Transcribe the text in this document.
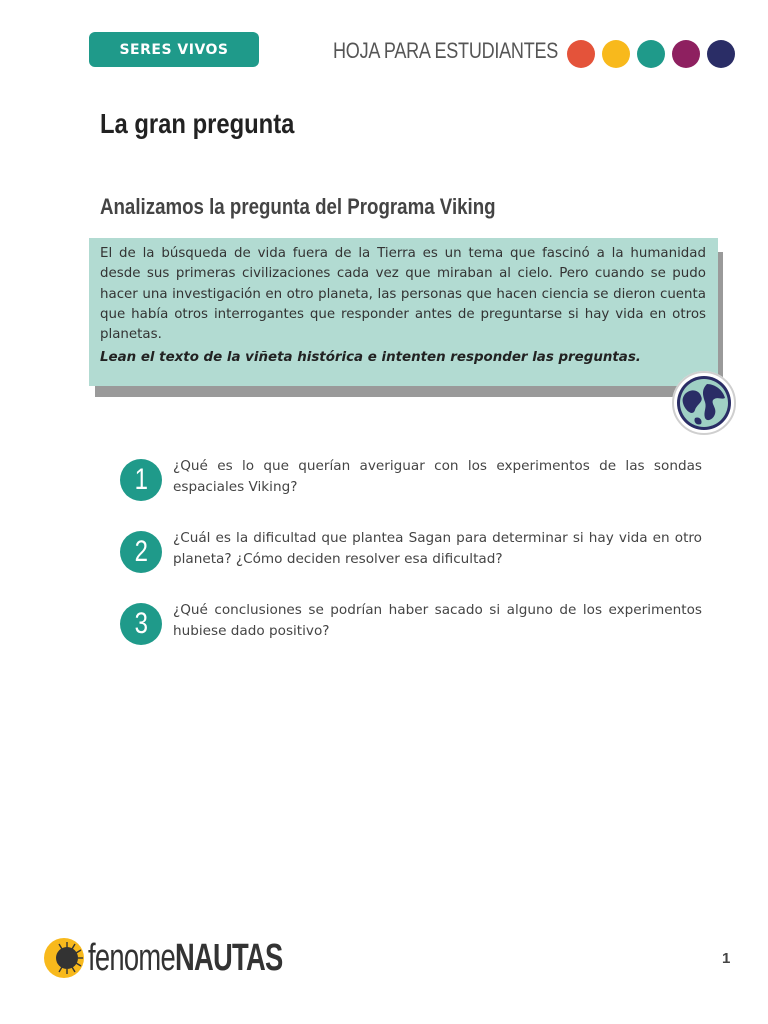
SERES VIVOS	HOJA PARA ESTUDIANTES
La gran pregunta
Analizamos la pregunta del Programa Viking

El de la búsqueda de vida fuera de la Tierra es un tema que fascinó a la humanidad desde sus primeras civilizaciones cada vez que miraban al cielo. Pero cuando se pudo hacer una investigación en otro planeta, las personas que hacen ciencia se dieron cuenta que había otros interrogantes que responder antes de preguntarse si hay vida en otros planetas.

Lean el texto de la viñeta histórica e intenten responder las preguntas.

1 ¿Qué es lo que querían averiguar con los experimentos de las sondas espaciales Viking?

2 ¿Cuál es la dificultad que plantea Sagan para determinar si hay vida en otro planeta? ¿Cómo deciden resolver esa dificultad?

3 ¿Qué conclusiones se podrían haber sacado si alguno de los experimentos hubiese dado positivo?

fenomeNAUTAS	1
